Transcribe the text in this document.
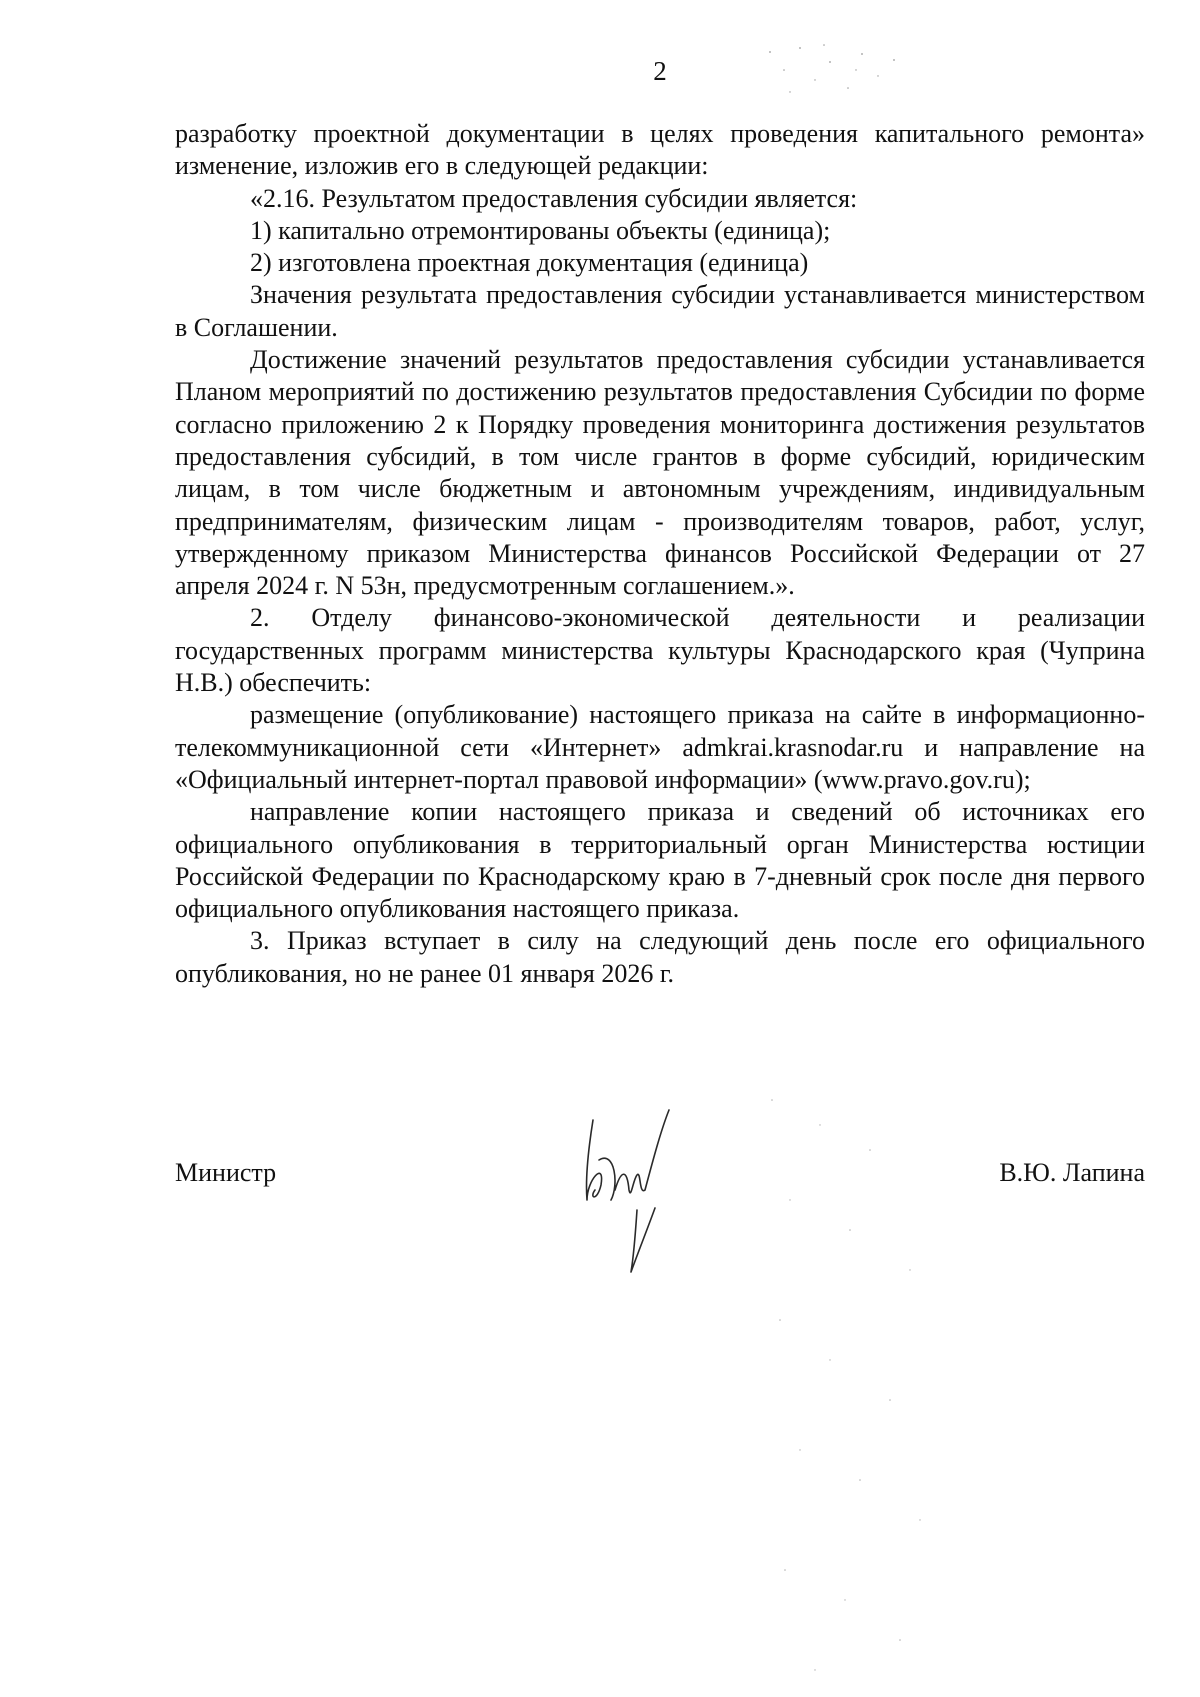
2

разработку проектной документации в целях проведения капитального ремонта» изменение, изложив его в следующей редакции:

«2.16. Результатом предоставления субсидии является:

1) капитально отремонтированы объекты (единица);

2) изготовлена проектная документация (единица)

Значения результата предоставления субсидии устанавливается министерством в Соглашении.

Достижение значений результатов предоставления субсидии устанавливается Планом мероприятий по достижению результатов предоставления Субсидии по форме согласно приложению 2 к Порядку проведения мониторинга достижения результатов предоставления субсидий, в том числе грантов в форме субсидий, юридическим лицам, в том числе бюджетным и автономным учреждениям, индивидуальным предпринимателям, физическим лицам - производителям товаров, работ, услуг, утвержденному приказом Министерства финансов Российской Федерации от 27 апреля 2024 г. N 53н, предусмотренным соглашением.».

2. Отделу финансово-экономической деятельности и реализации государственных программ министерства культуры Краснодарского края (Чуприна Н.В.) обеспечить:

размещение (опубликование) настоящего приказа на сайте в информационно-телекоммуникационной сети «Интернет» admkrai.krasnodar.ru и направление на «Официальный интернет-портал правовой информации» (www.pravo.gov.ru);

направление копии настоящего приказа и сведений об источниках его официального опубликования в территориальный орган Министерства юстиции Российской Федерации по Краснодарскому краю в 7-дневный срок после дня первого официального опубликования настоящего приказа.

3. Приказ вступает в силу на следующий день после его официального опубликования, но не ранее 01 января 2026 г.

Министр	В.Ю. Лапина
